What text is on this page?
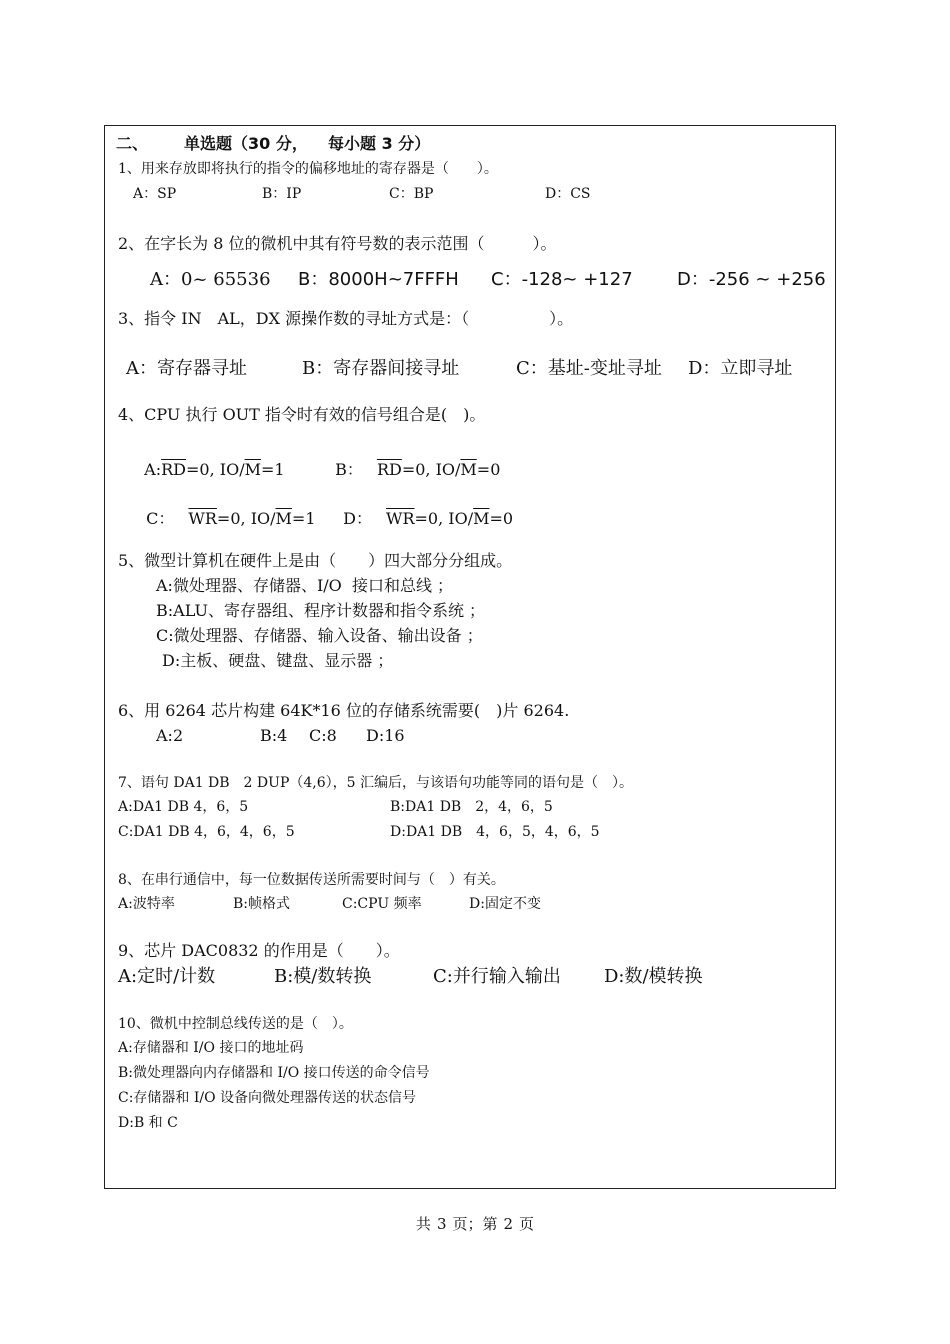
二、 单选题（30 分， 每小题 3 分）
1、用来存放即将执行的指令的偏移地址的寄存器是（　　）。
A：SP	B：IP	C：BP	D：CS
2、在字长为 8 位的微机中其有符号数的表示范围（　　　）。
A：0~ 65536 B：8000H~7FFFH C：-128~ +127 D：-256 ~ +256
3、指令 IN　AL，DX 源操作数的寻址方式是：（　　　　　）。
A：寄存器寻址	B：寄存器间接寻址	C：基址-变址寻址 D：立即寻址
4、CPU 执行 OUT 指令时有效的信号组合是(　)。

$A:\overline{RD}=0$, $IO/\overline{M}=1$	B： $\overline{RD}=0$, $IO/\overline{M}=0$

C： $\overline{WR}=0$, $IO/\overline{M}=1$	D： $\overline{WR}=0$, $IO/\overline{M}=0$

5、微型计算机在硬件上是由（　　）四大部分分组成。
A:微处理器、存储器、I/O  接口和总线 ；
B:ALU、寄存器组、程序计数器和指令系统 ；
C:微处理器、存储器、输入设备、输出设备 ；
D:主板、硬盘、键盘、显示器 ；
6、用 6264 芯片构建 64K*16 位的存储系统需要(　)片 6264.
A:2	B:4 C:8 D:16
7、语句 DA1 DB　2 DUP（4,6），5 汇编后，与该语句功能等同的语句是（　）。
A:DA1 DB 4，6，5	B:DA1 DB　2，4，6，5
C:DA1 DB 4，6，4，6，5	D:DA1 DB　4，6，5，4，6，5
8、在串行通信中，每一位数据传送所需要时间与（　）有关。
A:波特率	B:帧格式	C:CPU 频率	D:固定不变
9、芯片 DAC0832 的作用是（　　）。
A:定时/计数	B:模/数转换	C:并行输入输出 D:数/模转换
10、微机中控制总线传送的是（　）。
A:存储器和 I/O 接口的地址码
B:微处理器向内存储器和 I/O 接口传送的命令信号
C:存储器和 I/O 设备向微处理器传送的状态信号
D:B 和 C
共 3 页；第 2 页
